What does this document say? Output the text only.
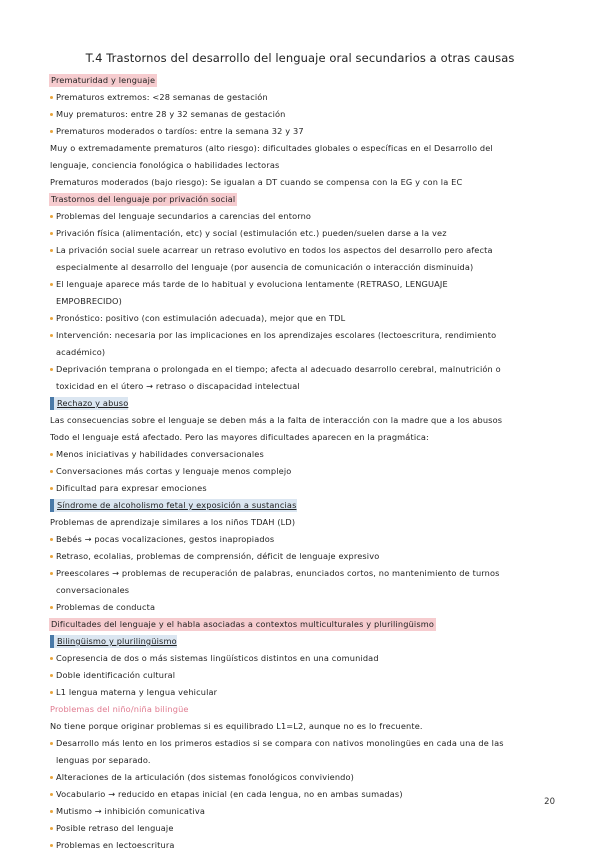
T.4 Trastornos del desarrollo del lenguaje oral secundarios a otras causas
Prematuridad y lenguaje
Prematuros extremos: <28 semanas de gestación
Muy prematuros: entre 28 y 32 semanas de gestación
Prematuros moderados o tardíos: entre la semana 32 y 37
Muy o extremadamente prematuros (alto riesgo): dificultades globales o específicas en el Desarrollo del
lenguaje, conciencia fonológica o habilidades lectoras
Prematuros moderados (bajo riesgo): Se igualan a DT cuando se compensa con la EG y con la EC
Trastornos del lenguaje por privación social
Problemas del lenguaje secundarios a carencias del entorno
Privación física (alimentación, etc) y social (estimulación etc.) pueden/suelen darse a la vez
La privación social suele acarrear un retraso evolutivo en todos los aspectos del desarrollo pero afecta
especialmente al desarrollo del lenguaje (por ausencia de comunicación o interacción disminuida)
El lenguaje aparece más tarde de lo habitual y evoluciona lentamente (RETRASO, LENGUAJE
EMPOBRECIDO)
Pronóstico: positivo (con estimulación adecuada), mejor que en TDL
Intervención: necesaria por las implicaciones en los aprendizajes escolares (lectoescritura, rendimiento
académico)
Deprivación temprana o prolongada en el tiempo; afecta al adecuado desarrollo cerebral, malnutrición o
toxicidad en el útero → retraso o discapacidad intelectual
Rechazo y abuso
Las consecuencias sobre el lenguaje se deben más a la falta de interacción con la madre que a los abusos
Todo el lenguaje está afectado. Pero las mayores dificultades aparecen en la pragmática:
Menos iniciativas y habilidades conversacionales
Conversaciones más cortas y lenguaje menos complejo
Dificultad para expresar emociones
Síndrome de alcoholismo fetal y exposición a sustancias
Problemas de aprendizaje similares a los niños TDAH (LD)
Bebés → pocas vocalizaciones, gestos inapropiados
Retraso, ecolalias, problemas de comprensión, déficit de lenguaje expresivo
Preescolares → problemas de recuperación de palabras, enunciados cortos, no mantenimiento de turnos
conversacionales
Problemas de conducta
Dificultades del lenguaje y el habla asociadas a contextos multiculturales y plurilingüismo
Bilingüismo y plurilingüismo
Copresencia de dos o más sistemas lingüísticos distintos en una comunidad
Doble identificación cultural
L1 lengua materna y lengua vehicular
Problemas del niño/niña bilingüe
No tiene porque originar problemas si es equilibrado L1=L2, aunque no es lo frecuente.
Desarrollo más lento en los primeros estadios si se compara con nativos monolingües en cada una de las
lenguas por separado.
Alteraciones de la articulación (dos sistemas fonológicos conviviendo)
Vocabulario → reducido en etapas inicial (en cada lengua, no en ambas sumadas)
Mutismo → inhibición comunicativa
Posible retraso del lenguaje
Problemas en lectoescritura
20
